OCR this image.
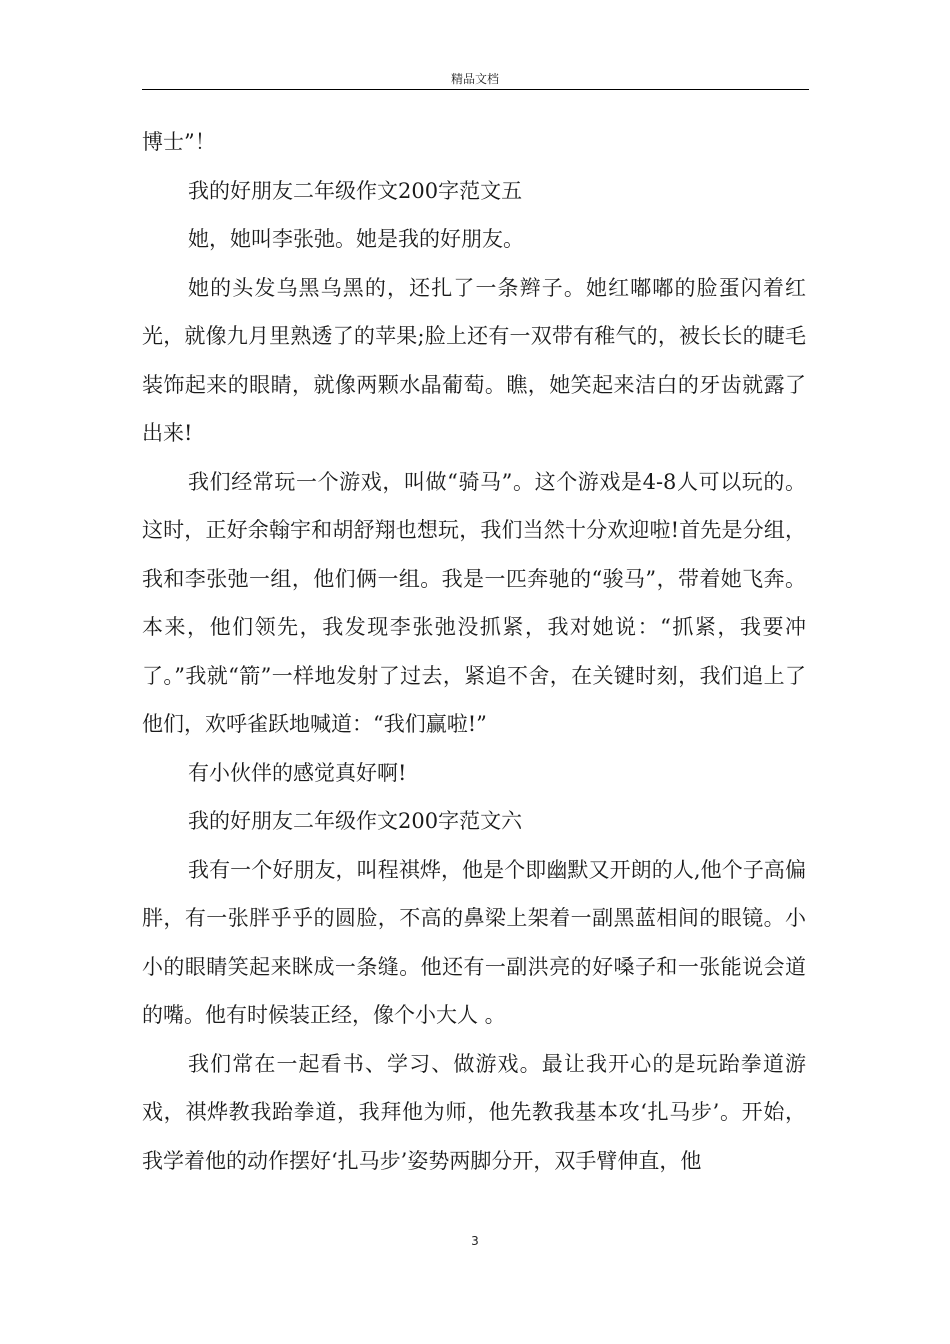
精品文档

博士”！

我的好朋友二年级作文200字范文五

她，她叫李张弛。她是我的好朋友。

她的头发乌黑乌黑的，还扎了一条辫子。她红嘟嘟的脸蛋闪着红光，就像九月里熟透了的苹果;脸上还有一双带有稚气的，被长长的睫毛装饰起来的眼睛，就像两颗水晶葡萄。瞧，她笑起来洁白的牙齿就露了出来!

我们经常玩一个游戏，叫做“骑马”。这个游戏是4-8人可以玩的。这时，正好余翰宇和胡舒翔也想玩，我们当然十分欢迎啦!首先是分组，我和李张弛一组，他们俩一组。我是一匹奔驰的“骏马”，带着她飞奔。本来，他们领先，我发现李张弛没抓紧，我对她说：“抓紧，我要冲了。”我就“箭”一样地发射了过去，紧追不舍，在关键时刻，我们追上了他们，欢呼雀跃地喊道：“我们赢啦!”

有小伙伴的感觉真好啊!

我的好朋友二年级作文200字范文六

我有一个好朋友，叫程祺烨，他是个即幽默又开朗的人,他个子高偏胖，有一张胖乎乎的圆脸，不高的鼻梁上架着一副黑蓝相间的眼镜。小小的眼睛笑起来眯成一条缝。他还有一副洪亮的好嗓子和一张能说会道的嘴。他有时候装正经，像个小大人 。

我们常在一起看书、学习、做游戏。最让我开心的是玩跆拳道游戏，祺烨教我跆拳道，我拜他为师，他先教我基本攻‘扎马步’。开始，我学着他的动作摆好‘扎马步’姿势两脚分开，双手臂伸直，他

3
